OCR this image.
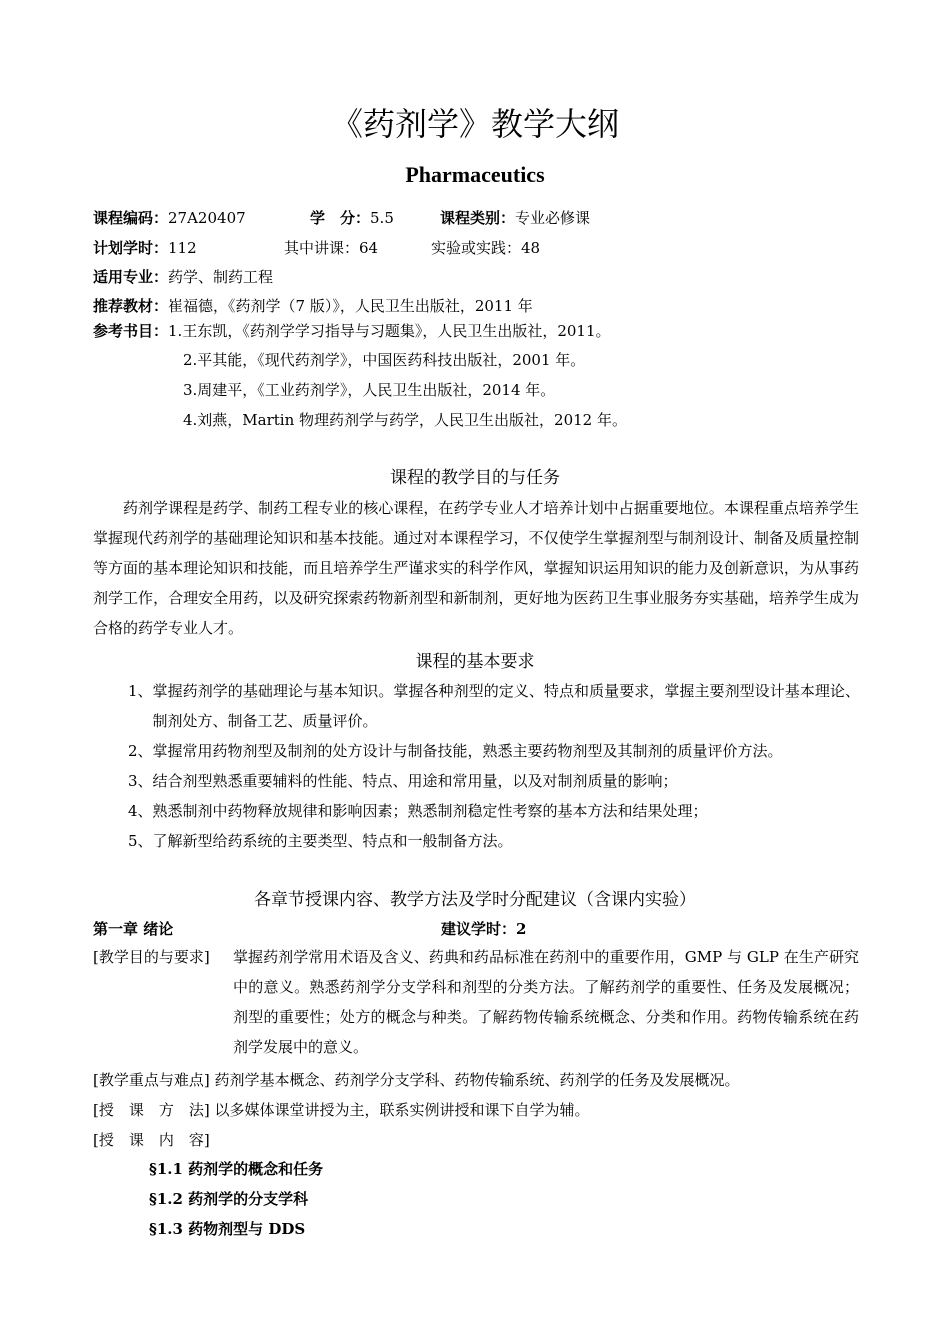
《药剂学》教学大纲
Pharmaceutics
课程编码：27A20407	学　分：5.5	课程类别：专业必修课
计划学时：112	其中讲课：64	实验或实践：48
适用专业：药学、制药工程
推荐教材：崔福德，《药剂学（7 版）》，人民卫生出版社，2011 年
参考书目：1.王东凯，《药剂学学习指导与习题集》，人民卫生出版社，2011。
2.平其能，《现代药剂学》，中国医药科技出版社，2001 年。
3.周建平，《工业药剂学》，人民卫生出版社，2014 年。
4.刘燕，Martin 物理药剂学与药学，人民卫生出版社，2012 年。
课程的教学目的与任务
药剂学课程是药学、制药工程专业的核心课程，在药学专业人才培养计划中占据重要地位。本课程重点培养学生掌握现代药剂学的基础理论知识和基本技能。通过对本课程学习，不仅使学生掌握剂型与制剂设计、制备及质量控制等方面的基本理论知识和技能，而且培养学生严谨求实的科学作风，掌握知识运用知识的能力及创新意识，为从事药剂学工作，合理安全用药，以及研究探索药物新剂型和新制剂，更好地为医药卫生事业服务夯实基础，培养学生成为合格的药学专业人才。
课程的基本要求
1、 掌握药剂学的基础理论与基本知识。掌握各种剂型的定义、特点和质量要求，掌握主要剂型设计基本理论、制剂处方、制备工艺、质量评价。
2、 掌握常用药物剂型及制剂的处方设计与制备技能，熟悉主要药物剂型及其制剂的质量评价方法。
3、 结合剂型熟悉重要辅料的性能、特点、用途和常用量，以及对制剂质量的影响；
4、 熟悉制剂中药物释放规律和影响因素；熟悉制剂稳定性考察的基本方法和结果处理；
5、 了解新型给药系统的主要类型、特点和一般制备方法。
各章节授课内容、教学方法及学时分配建议（含课内实验）
第一章 绪论	建议学时：2
[教学目的与要求] 掌握药剂学常用术语及含义、药典和药品标准在药剂中的重要作用，GMP 与 GLP 在生产研究中的意义。熟悉药剂学分支学科和剂型的分类方法。了解药剂学的重要性、任务及发展概况；剂型的重要性；处方的概念与种类。了解药物传输系统概念、分类和作用。药物传输系统在药剂学发展中的意义。
[教学重点与难点] 药剂学基本概念、药剂学分支学科、药物传输系统、药剂学的任务及发展概况。
[授　课　方　法] 以多媒体课堂讲授为主，联系实例讲授和课下自学为辅。
[授　课　内　容]
§1.1 药剂学的概念和任务
§1.2 药剂学的分支学科
§1.3 药物剂型与 DDS
